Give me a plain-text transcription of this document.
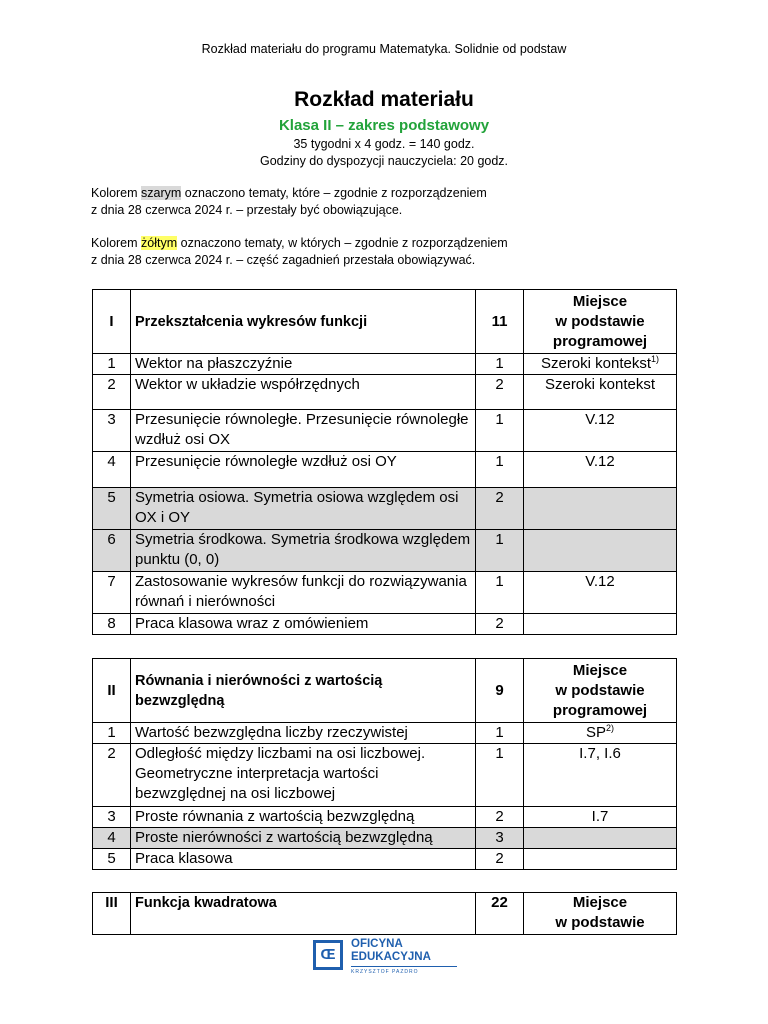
Rozkład materiału do programu Matematyka. Solidnie od podstaw
Rozkład materiału
Klasa II – zakres podstawowy
35 tygodni x 4 godz. = 140 godz.
Godziny do dyspozycji nauczyciela: 20 godz.
Kolorem szarym oznaczono tematy, które – zgodnie z rozporządzeniem
z dnia 28 czerwca 2024 r. – przestały być obowiązujące.
Kolorem żółtym oznaczono tematy, w których – zgodnie z rozporządzeniem
z dnia 28 czerwca 2024 r. – część zagadnień przestała obowiązywać.
I	Przekształcenia wykresów funkcji	11	Miejsce
w podstawie
programowej
1	Wektor na płaszczyźnie	1	Szeroki kontekst$^{1)}$
2	Wektor w układzie współrzędnych	2	Szeroki kontekst
3	Przesunięcie równoległe. Przesunięcie równoległe wzdłuż osi OX	1	V.12
4	Przesunięcie równoległe wzdłuż osi OY	1	V.12
5	Symetria osiowa. Symetria osiowa względem osi OX i OY	2	
6	Symetria środkowa. Symetria środkowa względem punktu (0, 0)	1	
7	Zastosowanie wykresów funkcji do rozwiązywania równań i nierówności	1	V.12
8	Praca klasowa wraz z omówieniem	2	
II	Równania i nierówności z wartością bezwzględną	9	Miejsce
w podstawie
programowej
1	Wartość bezwzględna liczby rzeczywistej	1	SP$^{2)}$
2	Odległość między liczbami na osi liczbowej. Geometryczne interpretacja wartości bezwzględnej na osi liczbowej	1	I.7, I.6
3	Proste równania z wartością bezwzględną	2	I.7
4	Proste nierówności z wartością bezwzględną	3	
5	Praca klasowa	2	
III	Funkcja kwadratowa	22	Miejsce
w podstawie
Œ
OFICYNA
EDUKACYJNA
KRZYSZTOF PAZDRO
